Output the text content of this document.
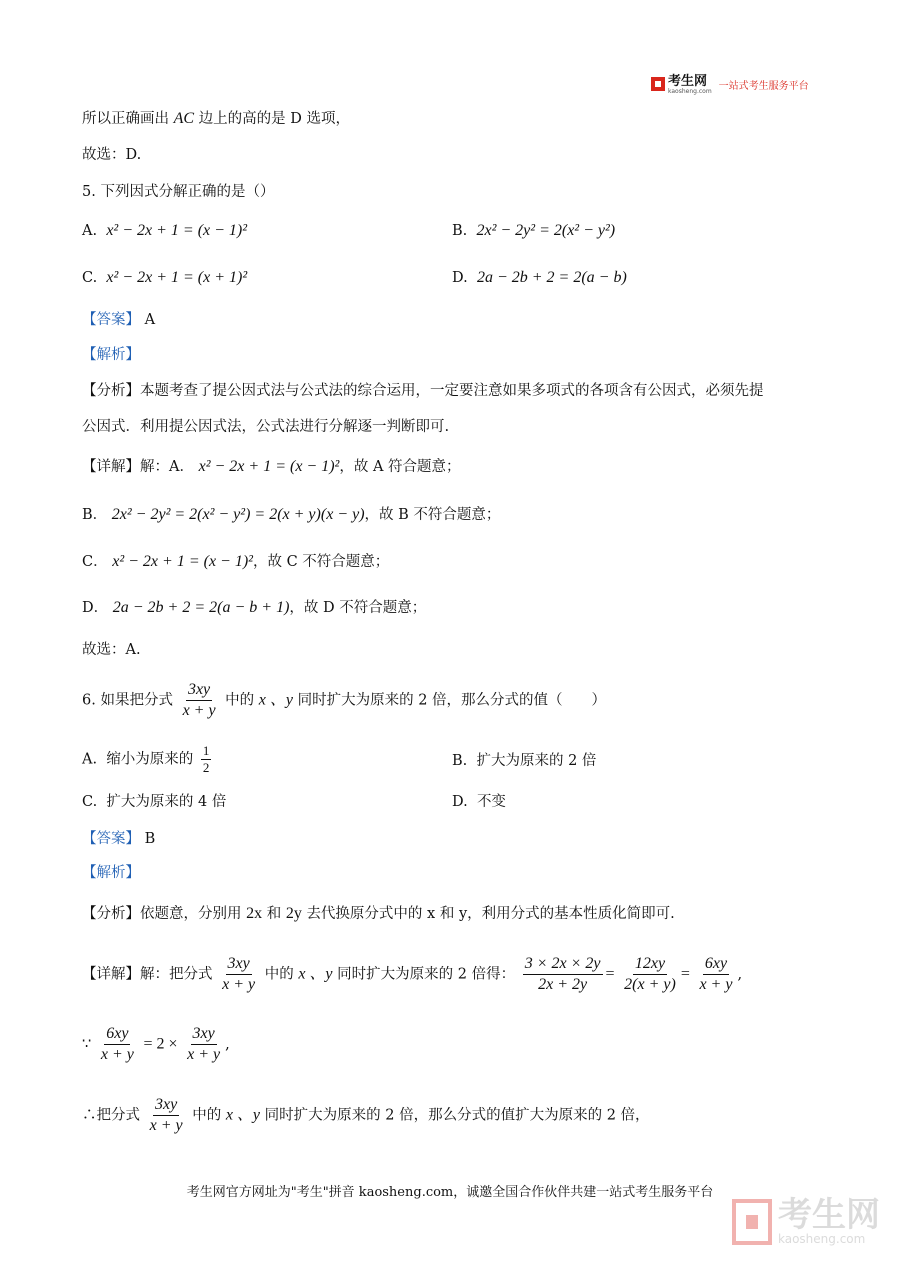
考生网
kaosheng.com 一站式考生服务平台
所以正确画出 AC 边上的高的是 D 选项，
故选：D.
5. 下列因式分解正确的是（）
A. x² − 2x + 1 = (x − 1)²	B. 2x² − 2y² = 2(x² − y²)
C. x² − 2x + 1 = (x + 1)²	D. 2a − 2b + 2 = 2(a − b)
【答案】 A
【解析】
【分析】本题考查了提公因式法与公式法的综合运用，一定要注意如果多项式的各项含有公因式，必须先提
公因式．利用提公因式法，公式法进行分解逐一判断即可.
【详解】解：A． x² − 2x + 1 = (x − 1)²，故 A 符合题意；
B． 2x² − 2y² = 2(x² − y²) = 2(x + y)(x − y)，故 B 不符合题意；
C． x² − 2x + 1 = (x − 1)²，故 C 不符合题意；
D． 2a − 2b + 2 = 2(a − b + 1)，故 D 不符合题意；
故选：A.
6. 如果把分式 $\frac{3xy}{x + y}$ 中的 x 、y 同时扩大为原来的 2 倍，那么分式的值（　　）
A. 缩小为原来的 $\frac{1}{2}$	B. 扩大为原来的 2 倍
C. 扩大为原来的 4 倍	D. 不变
【答案】 B
【解析】
【分析】依题意，分别用 2x 和 2y 去代换原分式中的 x 和 y，利用分式的基本性质化简即可.
【详解】解：把分式 $\frac{3xy}{x + y}$ 中的 x 、y 同时扩大为原来的 2 倍得： $\frac{3 \times 2x \times 2y}{2x + 2y} = \frac{12xy}{2(x + y)} = \frac{6xy}{x + y}$ ,
∵ $\frac{6xy}{x + y} = 2 \times \frac{3xy}{x + y}$ ,
∴把分式 $\frac{3xy}{x + y}$ 中的 x 、y 同时扩大为原来的 2 倍，那么分式的值扩大为原来的 2 倍，
考生网官方网址为"考生"拼音 kaosheng.com，诚邀全国合作伙伴共建一站式考生服务平台
考生网
kaosheng.com
